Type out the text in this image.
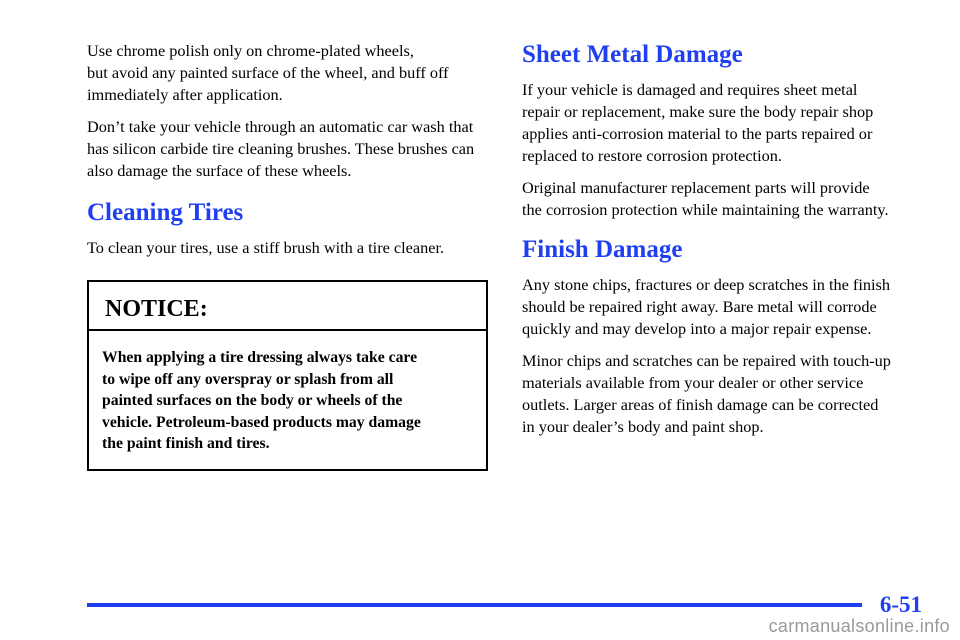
Use chrome polish only on chrome‑plated wheels,
but avoid any painted surface of the wheel, and buff off immediately after application.

Don’t take your vehicle through an automatic car wash that has silicon carbide tire cleaning brushes. These brushes can also damage the surface of these wheels.

Cleaning Tires

To clean your tires, use a stiff brush with a tire cleaner.

NOTICE:
When applying a tire dressing always take care
to wipe off any overspray or splash from all
painted surfaces on the body or wheels of the
vehicle. Petroleum‑based products may damage
the paint finish and tires.
Sheet Metal Damage

If your vehicle is damaged and requires sheet metal
repair or replacement, make sure the body repair shop
applies anti‑corrosion material to the parts repaired or
replaced to restore corrosion protection.

Original manufacturer replacement parts will provide
the corrosion protection while maintaining the warranty.

Finish Damage

Any stone chips, fractures or deep scratches in the finish
should be repaired right away. Bare metal will corrode
quickly and may develop into a major repair expense.

Minor chips and scratches can be repaired with touch‑up
materials available from your dealer or other service
outlets. Larger areas of finish damage can be corrected
in your dealer’s body and paint shop.

6-51
carmanualsonline.info
